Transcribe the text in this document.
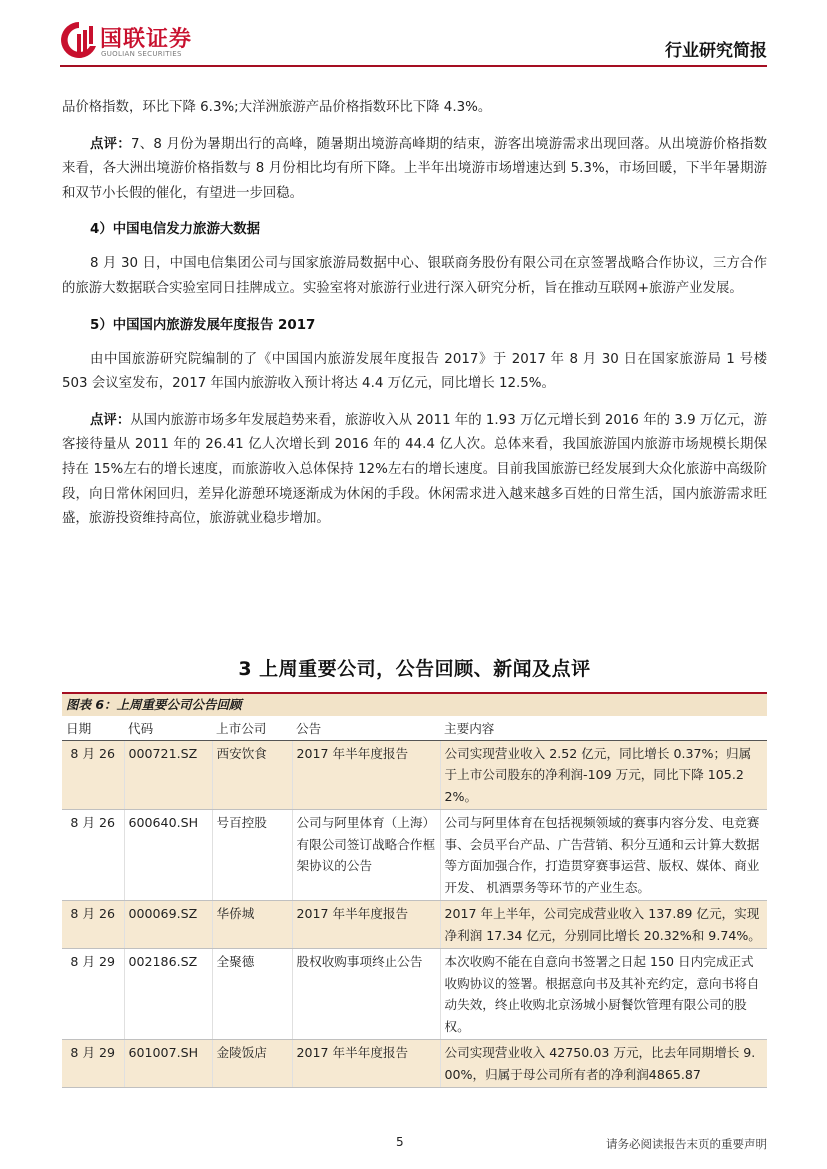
国联证券
GUOLIAN SECURITIES	行业研究简报

品价格指数，环比下降 6.3%;大洋洲旅游产品价格指数环比下降 4.3%。

点评：7、8 月份为暑期出行的高峰，随暑期出境游高峰期的结束，游客出境游需求出现回落。从出境游价格指数来看，各大洲出境游价格指数与 8 月份相比均有所下降。上半年出境游市场增速达到 5.3%，市场回暖，下半年暑期游和双节小长假的催化，有望进一步回稳。

4）中国电信发力旅游大数据

8 月 30 日，中国电信集团公司与国家旅游局数据中心、银联商务股份有限公司在京签署战略合作协议，三方合作的旅游大数据联合实验室同日挂牌成立。实验室将对旅游行业进行深入研究分析，旨在推动互联网+旅游产业发展。

5）中国国内旅游发展年度报告 2017

由中国旅游研究院编制的了《中国国内旅游发展年度报告 2017》于 2017 年 8 月 30 日在国家旅游局 1 号楼 503 会议室发布，2017 年国内旅游收入预计将达 4.4 万亿元，同比增长 12.5%。

点评：从国内旅游市场多年发展趋势来看，旅游收入从 2011 年的 1.93 万亿元增长到 2016 年的 3.9 万亿元，游客接待量从 2011 年的 26.41 亿人次增长到 2016 年的 44.4 亿人次。总体来看，我国旅游国内旅游市场规模长期保持在 15%左右的增长速度，而旅游收入总体保持 12%左右的增长速度。目前我国旅游已经发展到大众化旅游中高级阶段，向日常休闲回归，差异化游憩环境逐渐成为休闲的手段。休闲需求进入越来越多百姓的日常生活，国内旅游需求旺盛，旅游投资维持高位，旅游就业稳步增加。

3 上周重要公司，公告回顾、新闻及点评
图表 6：上周重要公司公告回顾
日期	代码	上市公司	公告	主要内容
8 月 26	000721.SZ	西安饮食	2017 年半年度报告	公司实现营业收入 2.52 亿元，同比增长 0.37%；归属于上市公司股东的净利润-109 万元，同比下降 105.22%。
8 月 26	600640.SH	号百控股	公司与阿里体育（上海）有限公司签订战略合作框架协议的公告	公司与阿里体育在包括视频领域的赛事内容分发、电竞赛事、会员平台产品、广告营销、积分互通和云计算大数据等方面加强合作，打造贯穿赛事运营、版权、媒体、商业开发、 机酒票务等环节的产业生态。
8 月 26	000069.SZ	华侨城	2017 年半年度报告	2017 年上半年，公司完成营业收入 137.89 亿元，实现净利润 17.34 亿元，分别同比增长 20.32%和 9.74%。
8 月 29	002186.SZ	全聚德	股权收购事项终止公告	本次收购不能在自意向书签署之日起 150 日内完成正式收购协议的签署。根据意向书及其补充约定，意向书将自动失效，终止收购北京汤城小厨餐饮管理有限公司的股权。
8 月 29	601007.SH	金陵饭店	2017 年半年度报告	公司实现营业收入 42750.03 万元，比去年同期增长 9.00%，归属于母公司所有者的净利润4865.87
5	请务必阅读报告末页的重要声明
